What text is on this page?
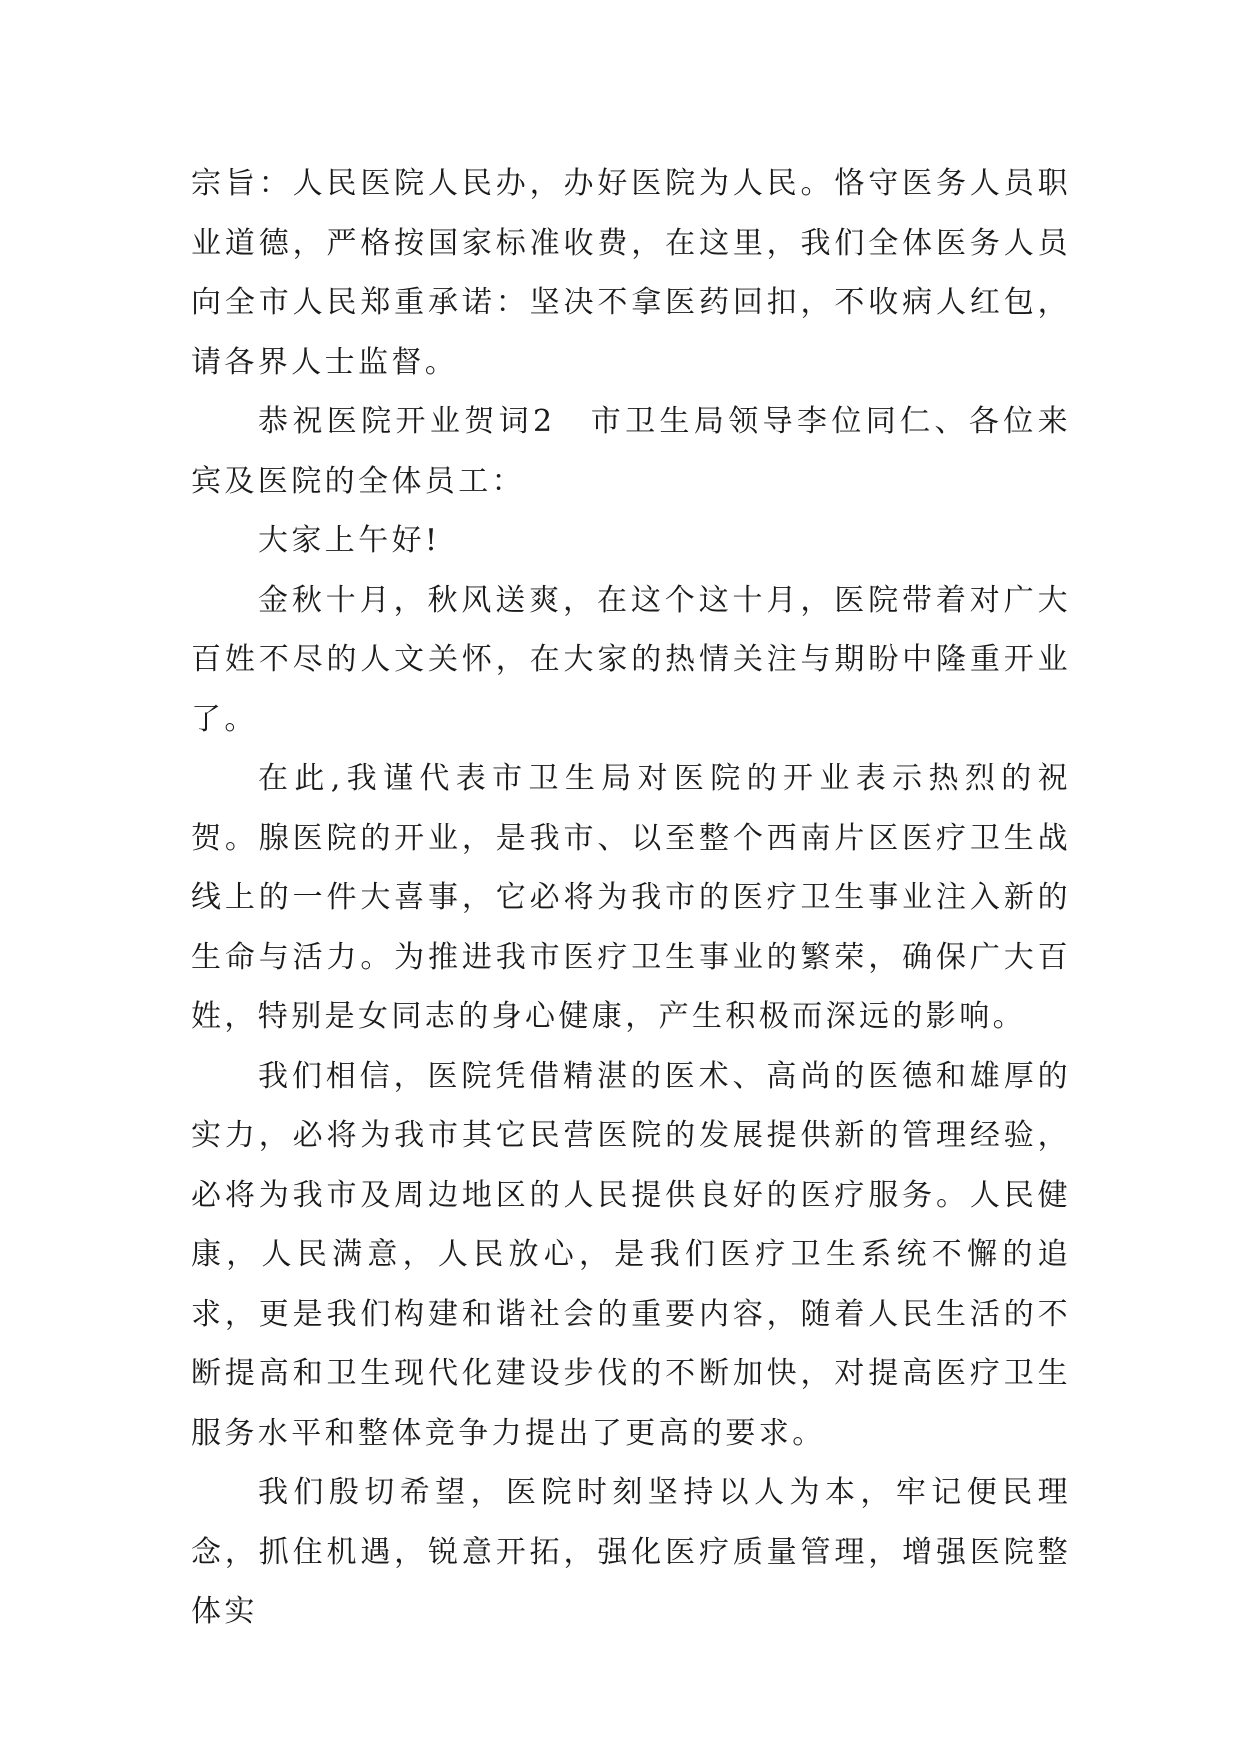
宗旨：人民医院人民办，办好医院为人民。恪守医务人员职业道德，严格按国家标准收费，在这里，我们全体医务人员向全市人民郑重承诺：坚决不拿医药回扣，不收病人红包，请各界人士监督。

恭祝医院开业贺词2　市卫生局领导李位同仁、各位来宾及医院的全体员工：

大家上午好!

金秋十月，秋风送爽，在这个这十月，医院带着对广大百姓不尽的人文关怀，在大家的热情关注与期盼中隆重开业了。

在此,我谨代表市卫生局对医院的开业表示热烈的祝贺。腺医院的开业，是我市、以至整个西南片区医疗卫生战线上的一件大喜事，它必将为我市的医疗卫生事业注入新的生命与活力。为推进我市医疗卫生事业的繁荣，确保广大百姓，特别是女同志的身心健康，产生积极而深远的影响。

我们相信，医院凭借精湛的医术、高尚的医德和雄厚的实力，必将为我市其它民营医院的发展提供新的管理经验，必将为我市及周边地区的人民提供良好的医疗服务。人民健康，人民满意，人民放心，是我们医疗卫生系统不懈的追求，更是我们构建和谐社会的重要内容，随着人民生活的不断提高和卫生现代化建设步伐的不断加快，对提高医疗卫生服务水平和整体竞争力提出了更高的要求。

我们殷切希望，医院时刻坚持以人为本，牢记便民理念，抓住机遇，锐意开拓，强化医疗质量管理，增强医院整体实
